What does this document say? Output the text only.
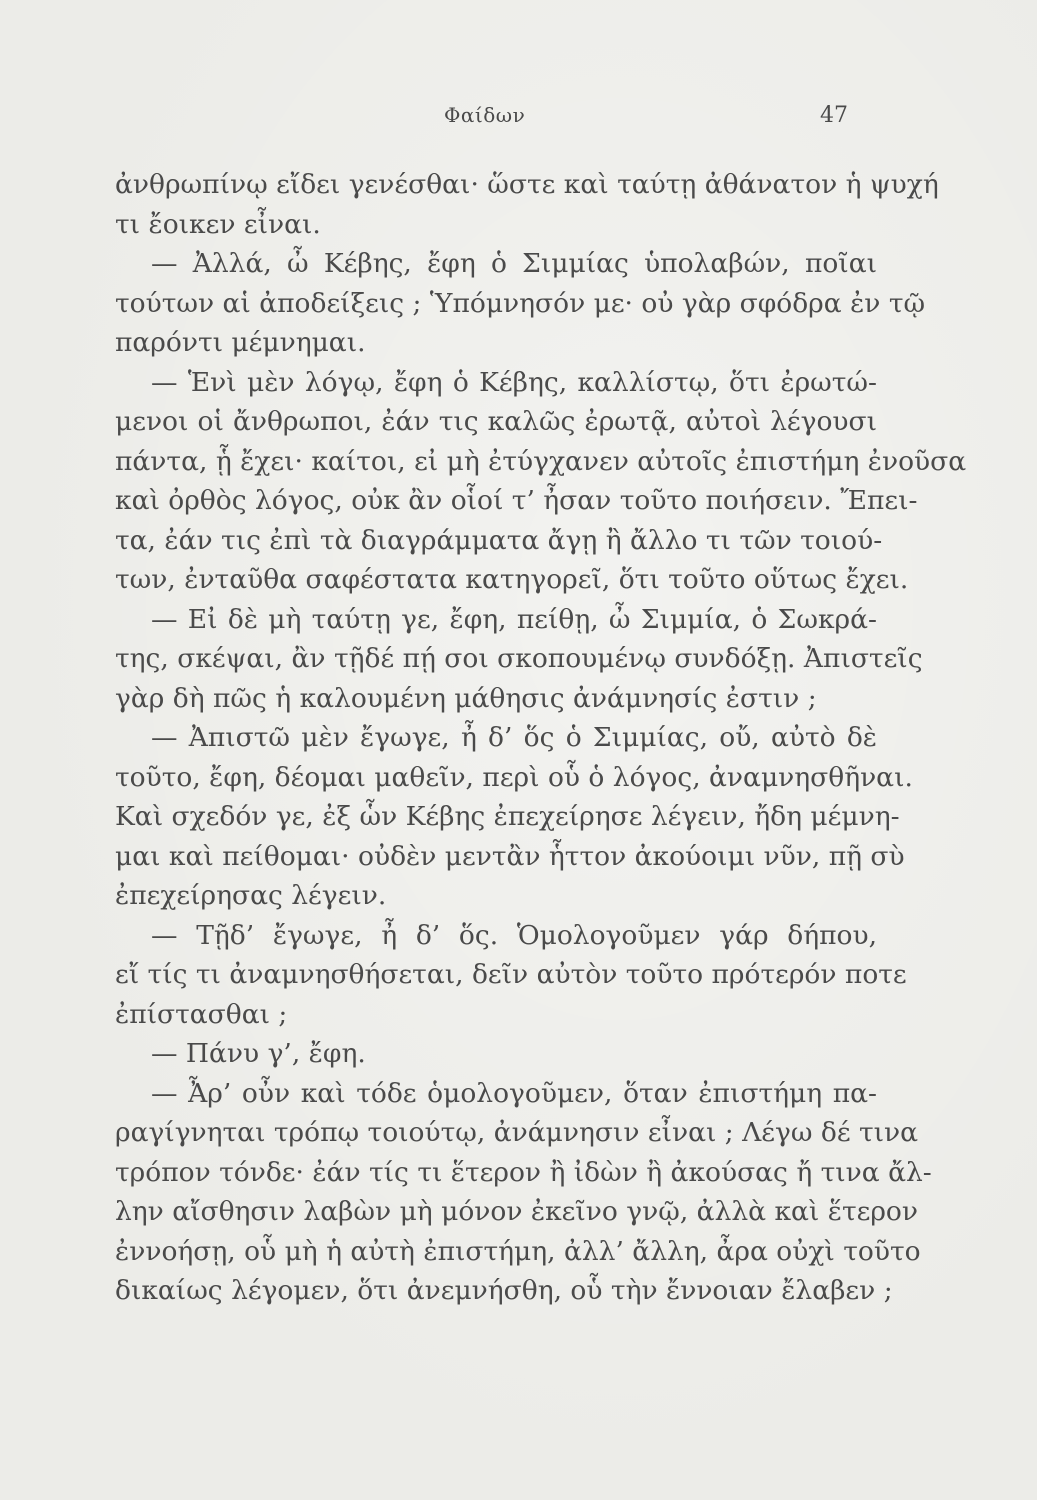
Φαίδων	47
ἀνθρωπίνῳ εἴδει γενέσθαι· ὥστε καὶ ταύτῃ ἀθάνατον ἡ ψυχή
τι ἔοικεν εἶναι.
— Ἀλλά, ὦ Κέβης, ἔφη ὁ Σιμμίας ὑπολαβών, ποῖαι
τούτων αἱ ἀποδείξεις ; Ὑπόμνησόν με· οὐ γὰρ σφόδρα ἐν τῷ
παρόντι μέμνημαι.
— Ἑνὶ μὲν λόγῳ, ἔφη ὁ Κέβης, καλλίστῳ, ὅτι ἐρωτώ-
μενοι οἱ ἄνθρωποι, ἐάν τις καλῶς ἐρωτᾷ, αὐτοὶ λέγουσι
πάντα, ᾗ ἔχει· καίτοι, εἰ μὴ ἐτύγχανεν αὐτοῖς ἐπιστήμη ἐνοῦσα
καὶ ὀρθὸς λόγος, οὐκ ἂν οἷοί τ’ ἦσαν τοῦτο ποιήσειν. Ἔπει-
τα, ἐάν τις ἐπὶ τὰ διαγράμματα ἄγῃ ἢ ἄλλο τι τῶν τοιού-
των, ἐνταῦθα σαφέστατα κατηγορεῖ, ὅτι τοῦτο οὕτως ἔχει.
— Εἰ δὲ μὴ ταύτῃ γε, ἔφη, πείθῃ, ὦ Σιμμία, ὁ Σωκρά-
της, σκέψαι, ἂν τῇδέ πῄ σοι σκοπουμένῳ συνδόξῃ. Ἀπιστεῖς
γὰρ δὴ πῶς ἡ καλουμένη μάθησις ἀνάμνησίς ἐστιν ;
— Ἀπιστῶ μὲν ἔγωγε, ἦ δ’ ὅς ὁ Σιμμίας, οὔ, αὐτὸ δὲ
τοῦτο, ἔφη, δέομαι μαθεῖν, περὶ οὗ ὁ λόγος, ἀναμνησθῆναι.
Καὶ σχεδόν γε, ἐξ ὧν Κέβης ἐπεχείρησε λέγειν, ἤδη μέμνη-
μαι καὶ πείθομαι· οὐδὲν μεντἂν ἧττον ἀκούοιμι νῦν, πῇ σὺ
ἐπεχείρησας λέγειν.
— Τῇδ’ ἔγωγε, ἦ δ’ ὅς. Ὁμολογοῦμεν γάρ δήπου,
εἴ τίς τι ἀναμνησθήσεται, δεῖν αὐτὸν τοῦτο πρότερόν ποτε
ἐπίστασθαι ;
— Πάνυ γ’, ἔφη.
— Ἆρ’ οὖν καὶ τόδε ὁμολογοῦμεν, ὅταν ἐπιστήμη πα-
ραγίγνηται τρόπῳ τοιούτῳ, ἀνάμνησιν εἶναι ; Λέγω δέ τινα
τρόπον τόνδε· ἐάν τίς τι ἕτερον ἢ ἰδὼν ἢ ἀκούσας ἤ τινα ἄλ-
λην αἴσθησιν λαβὼν μὴ μόνον ἐκεῖνο γνῷ, ἀλλὰ καὶ ἕτερον
ἐννοήσῃ, οὗ μὴ ἡ αὐτὴ ἐπιστήμη, ἀλλ’ ἄλλη, ἆρα οὐχὶ τοῦτο
δικαίως λέγομεν, ὅτι ἀνεμνήσθη, οὗ τὴν ἔννοιαν ἔλαβεν ;
